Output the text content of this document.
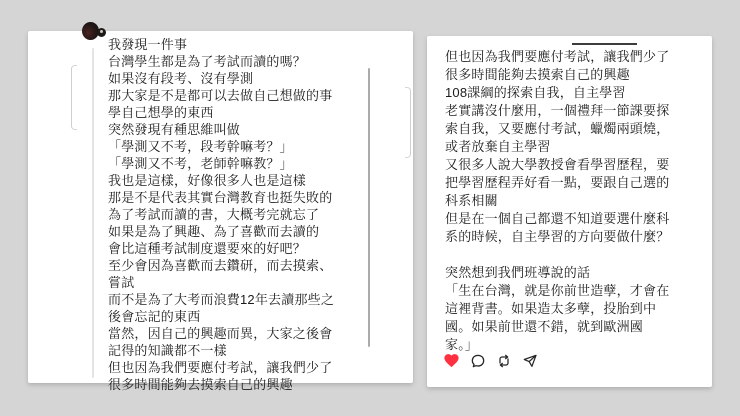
我發現一件事
台灣學生都是為了考試而讀的嗎？
如果沒有段考、沒有學測
那大家是不是都可以去做自己想做的事
學自己想學的東西
突然發現有種思維叫做
「學測又不考，段考幹嘛考？」
「學測又不考，老師幹嘛教？」
我也是這樣，好像很多人也是這樣
那是不是代表其實台灣教育也挺失敗的
為了考試而讀的書，大概考完就忘了
如果是為了興趣、為了喜歡而去讀的
會比這種考試制度還要來的好吧？
至少會因為喜歡而去鑽研，而去摸索、
嘗試
而不是為了大考而浪費12年去讀那些之
後會忘記的東西
當然，因自己的興趣而異，大家之後會
記得的知識都不一樣
但也因為我們要應付考試，讓我們少了
很多時間能夠去摸索自己的興趣
但也因為我們要應付考試，讓我們少了
很多時間能夠去摸索自己的興趣
108課綱的探索自我，自主學習
老實講沒什麼用，一個禮拜一節課要探
索自我，又要應付考試，蠟燭兩頭燒，
或者放棄自主學習
又很多人說大學教授會看學習歷程，要
把學習歷程弄好看一點，要跟自己選的
科系相關
但是在一個自己都還不知道要選什麼科
系的時候，自主學習的方向要做什麼？
突然想到我們班導說的話
「生在台灣，就是你前世造孽，才會在
這裡背書。如果造太多孽，投胎到中
國。如果前世還不錯，就到歐洲國
家。」
